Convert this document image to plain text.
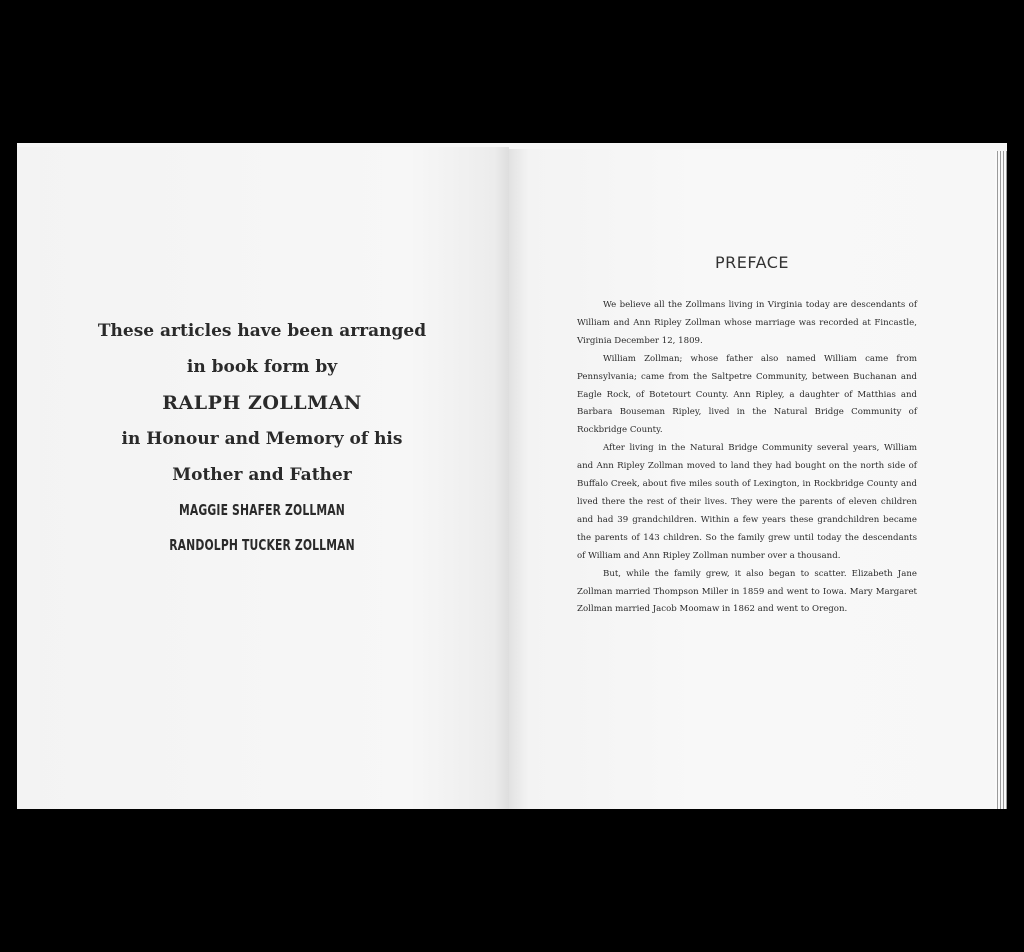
These articles have been arranged

in book form by

RALPH ZOLLMAN

in Honour and Memory of his

Mother and Father

MAGGIE SHAFER ZOLLMAN

RANDOLPH TUCKER ZOLLMAN

PREFACE

We believe all the Zollmans living in Virginia today are descendants of William and Ann Ripley Zollman whose marriage was recorded at Fincastle, Virginia December 12, 1809.

William Zollman; whose father also named William came from Pennsylvania; came from the Saltpetre Community, between Buchanan and Eagle Rock, of Botetourt County. Ann Ripley, a daughter of Matthias and Barbara Bouseman Ripley, lived in the Natural Bridge Community of Rockbridge County.

After living in the Natural Bridge Community several years, William and Ann Ripley Zollman moved to land they had bought on the north side of Buffalo Creek, about five miles south of Lexington, in Rockbridge County and lived there the rest of their lives. They were the parents of eleven children and had 39 grandchildren. Within a few years these grandchildren became the parents of 143 children. So the family grew until today the descendants of William and Ann Ripley Zollman number over a thousand.

But, while the family grew, it also began to scatter. Elizabeth Jane Zollman married Thompson Miller in 1859 and went to Iowa. Mary Margaret Zollman married Jacob Moomaw in 1862 and went to Oregon.
